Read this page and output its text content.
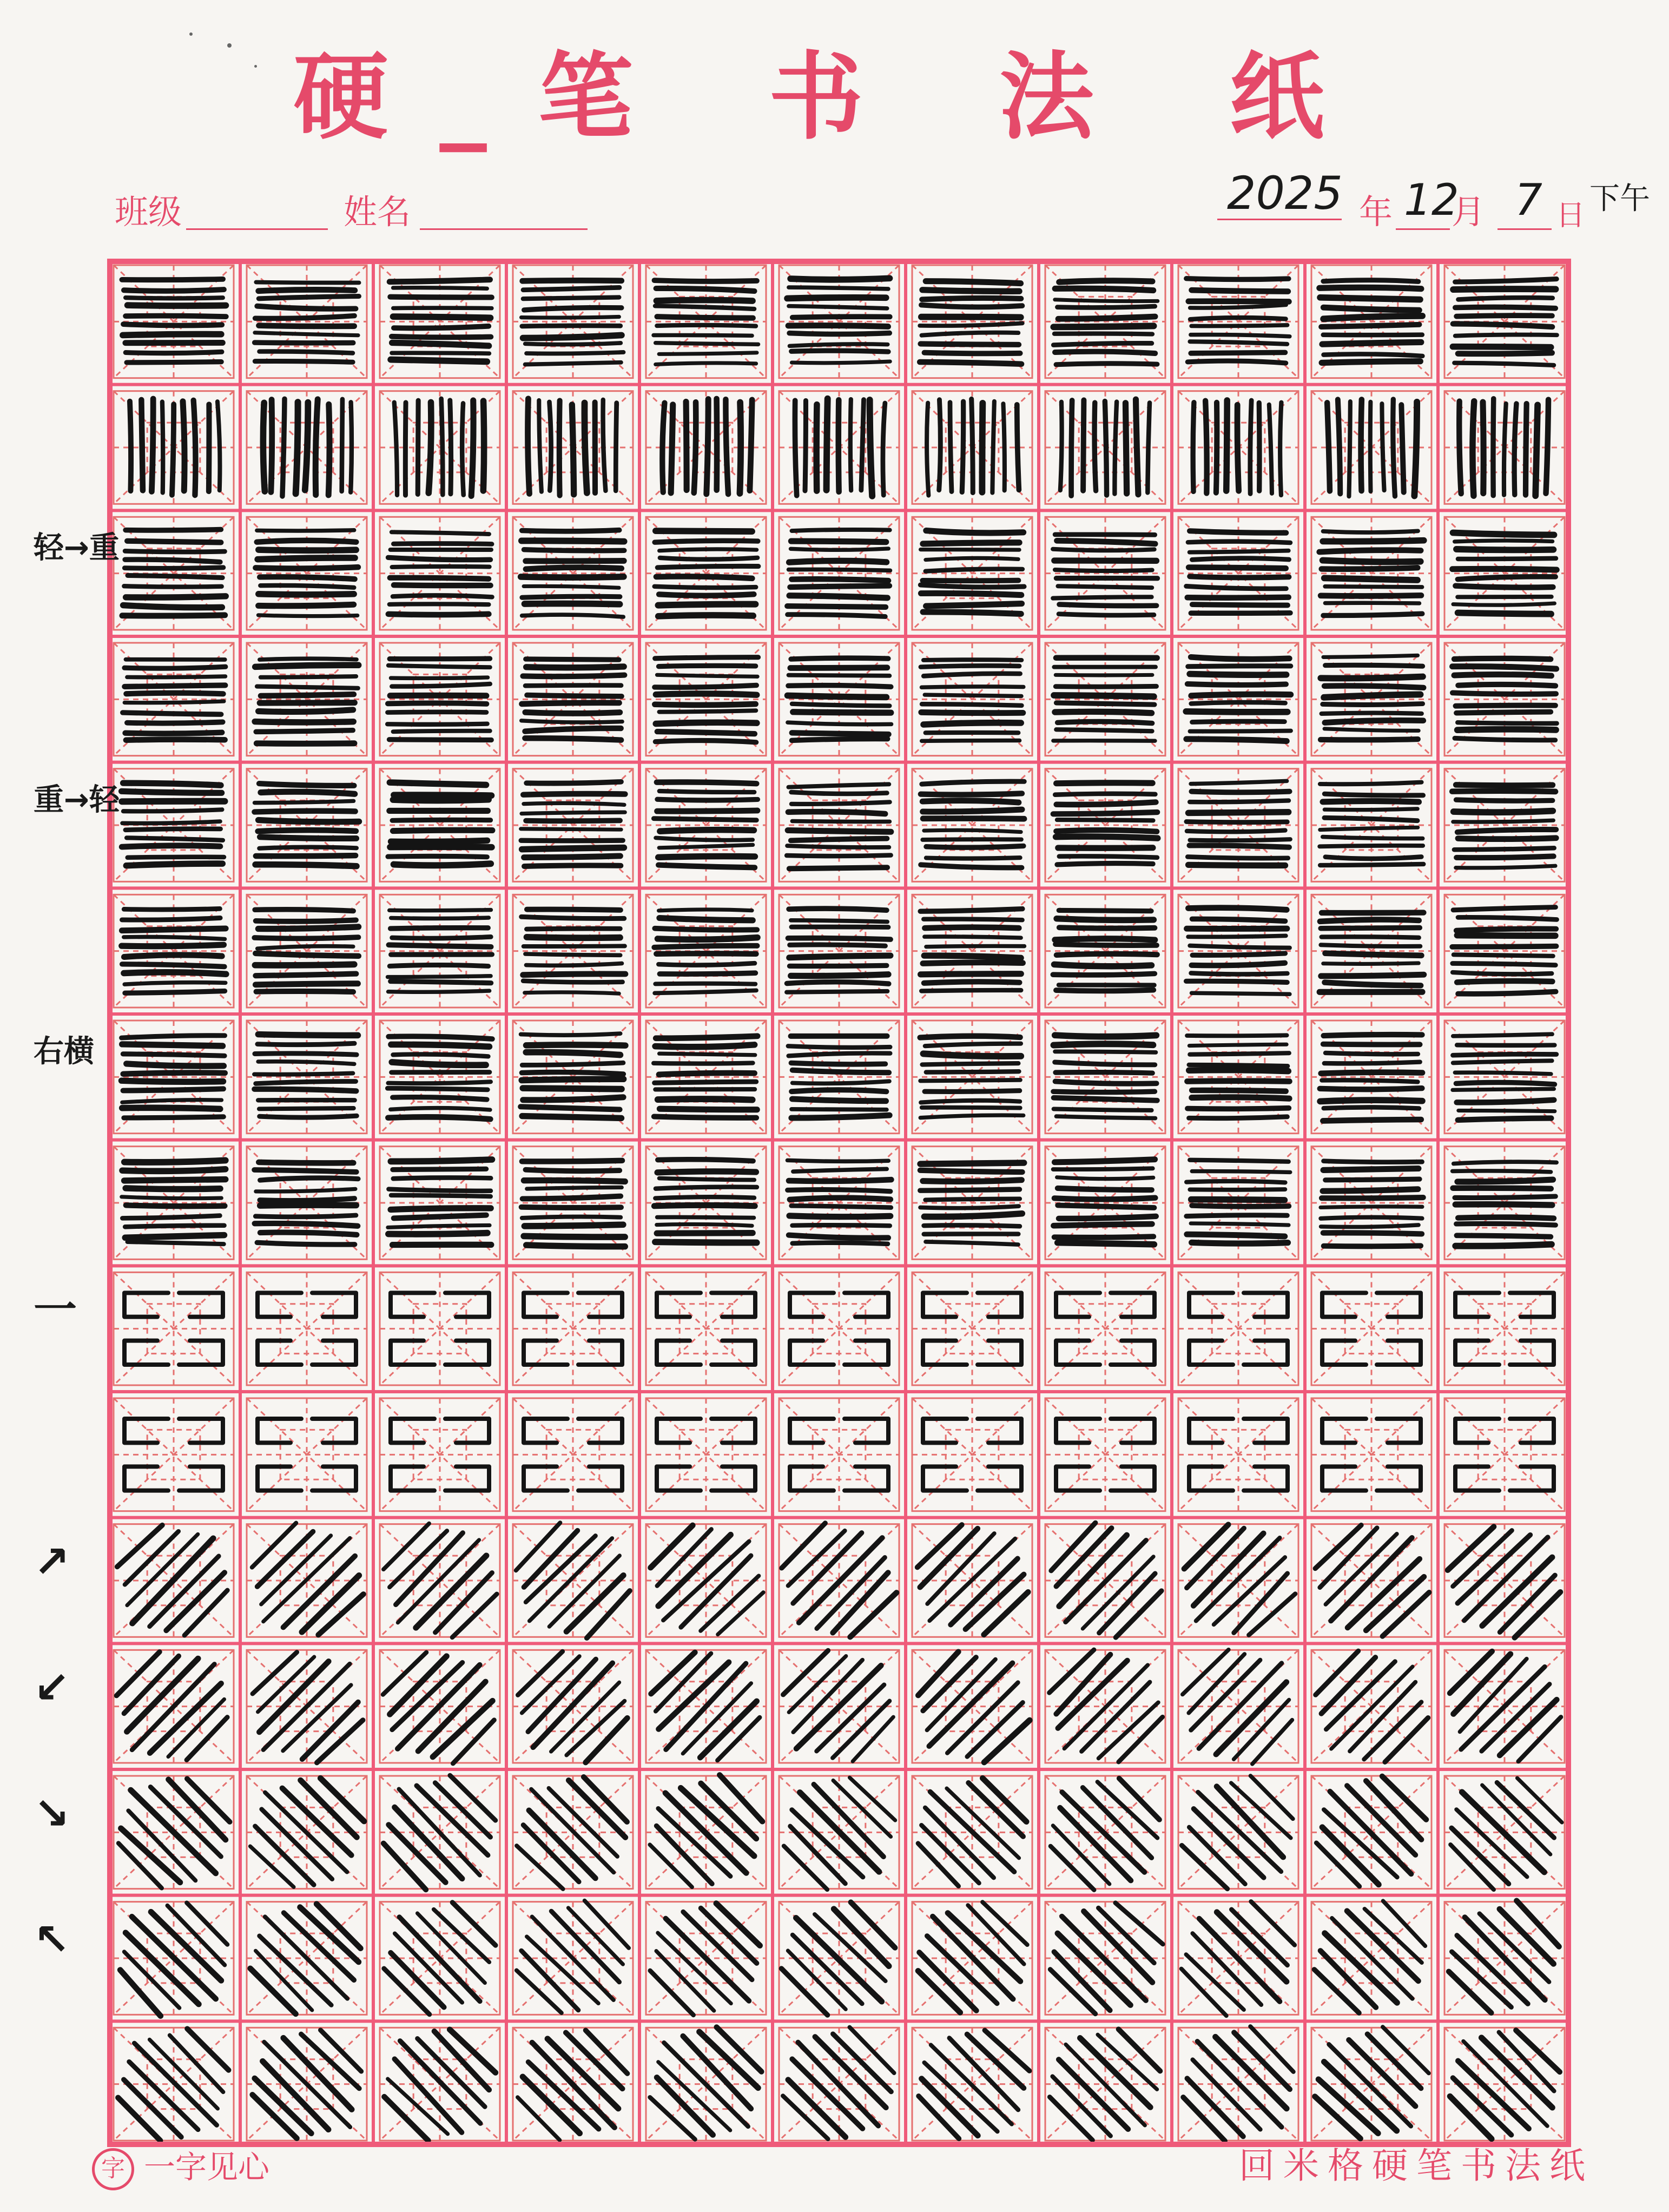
硬_笔 书 法 纸
班级	姓名	2025 年 12
月 7 日 下午
轻→重
重→轻
右横
一
↗
↙
↘
↖
字 一字见心	回米格硬笔书法纸
